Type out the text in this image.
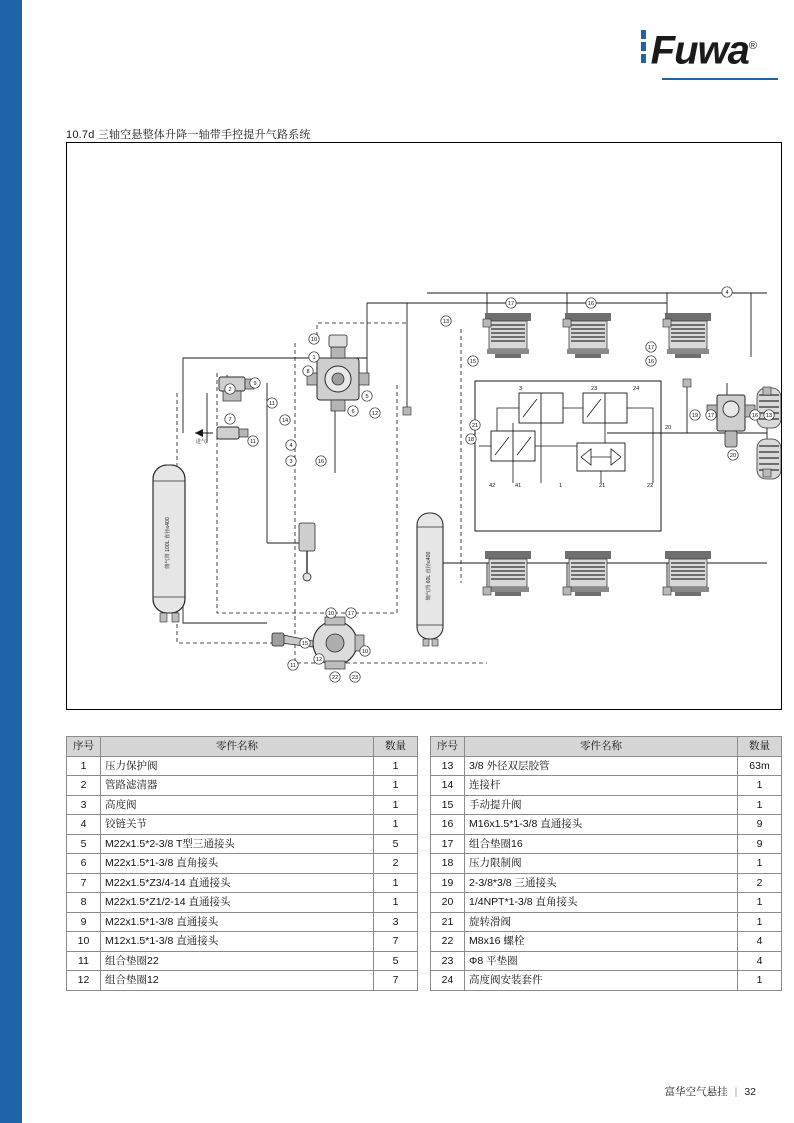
Fuwa®
10.7d 三轴空悬整体升降一轴带手控提升气路系统
储气筒 100L 直径≤400
储气筒 60L 直径≤400
进气
42	41	1	21	22
3	23	24
20
2
9
7
11
11
10
1
8
5
6	12
14
4
3	16
13
15
21
17	16
4
17
16
18
19 17	16 13
20
10 17
15
12
22 23
10
11
序号	零件名称	数量
1	压力保护阀	1
2	管路滤清器	1
3	高度阀	1
4	铰链关节	1
5	M22x1.5*2-3/8 T型三通接头	5
6	M22x1.5*1-3/8 直角接头	2
7	M22x1.5*Z3/4-14 直通接头	1
8	M22x1.5*Z1/2-14 直通接头	1
9	M22x1.5*1-3/8 直通接头	3
10	M12x1.5*1-3/8 直通接头	7
11	组合垫圈22	5
12	组合垫圈12	7
序号	零件名称	数量
13	3/8 外径双层胶管	63m
14	连接杆	1
15	手动提升阀	1
16	M16x1.5*1-3/8 直通接头	9
17	组合垫圈16	9
18	压力限制阀	1
19	2-3/8*3/8 三通接头	2
20	1/4NPT*1-3/8 直角接头	1
21	旋转滑阀	1
22	M8x16 螺栓	4
23	Φ8 平垫圈	4
24	高度阀安装套件	1
富华空气悬挂 | 32
